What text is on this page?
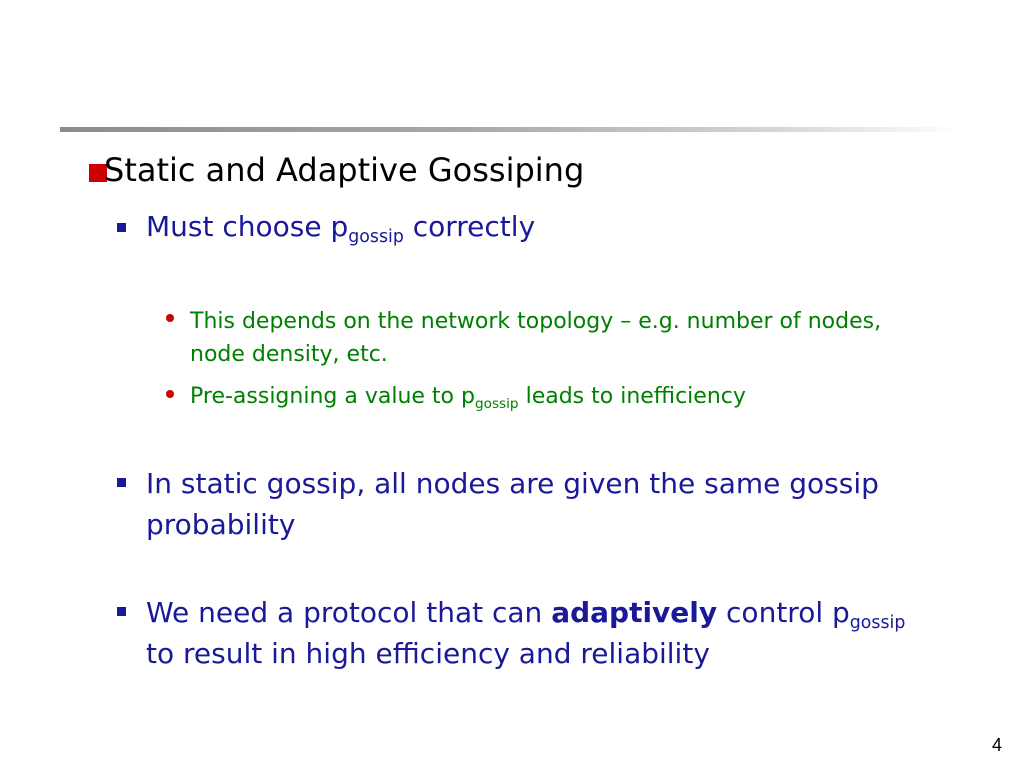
Static and Adaptive Gossiping
Must choose $p_{gossip}$ correctly
This depends on the network topology – e.g. number of nodes, node density, etc.
Pre-assigning a value to $p_{gossip}$ leads to inefficiency
In static gossip, all nodes are given the same gossip probability
We need a protocol that can adaptively control $p_{gossip}$ to result in high efficiency and reliability
4
